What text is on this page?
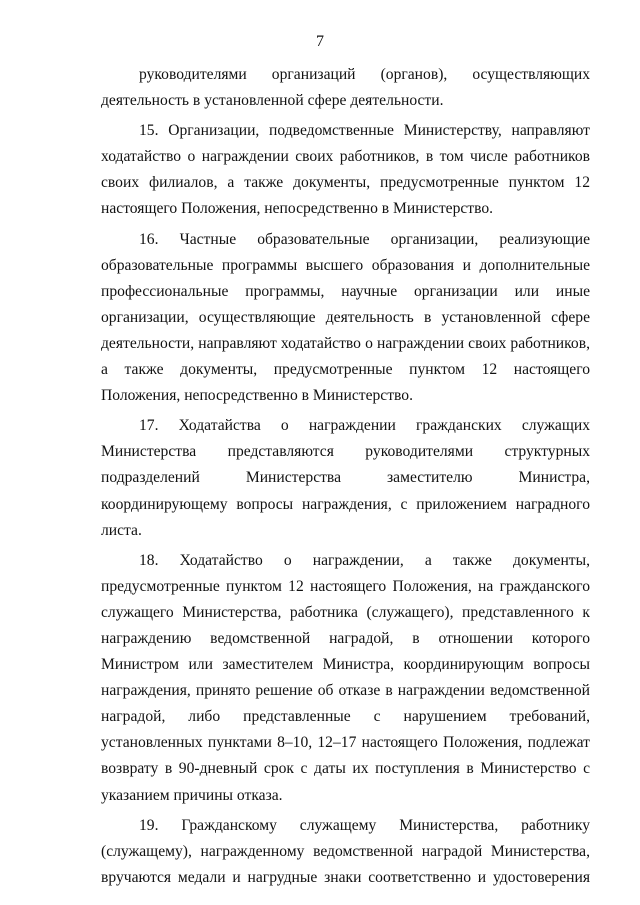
7

руководителями организаций (органов), осуществляющих деятельность в установленной сфере деятельности.

15. Организации, подведомственные Министерству, направляют ходатайство о награждении своих работников, в том числе работников своих филиалов, а также документы, предусмотренные пунктом 12 настоящего Положения, непосредственно в Министерство.

16. Частные образовательные организации, реализующие образовательные программы высшего образования и дополнительные профессиональные программы, научные организации или иные организации, осуществляющие деятельность в установленной сфере деятельности, направляют ходатайство о награждении своих работников, а также документы, предусмотренные пунктом 12 настоящего Положения, непосредственно в Министерство.

17. Ходатайства о награждении гражданских служащих Министерства представляются руководителями структурных подразделений Министерства заместителю Министра, координирующему вопросы награждения, с приложением наградного листа.

18. Ходатайство о награждении, а также документы, предусмотренные пунктом 12 настоящего Положения, на гражданского служащего Министерства, работника (служащего), представленного к награждению ведомственной наградой, в отношении которого Министром или заместителем Министра, координирующим вопросы награждения, принято решение об отказе в награждении ведомственной наградой, либо представленные с нарушением требований, установленных пунктами 8–10, 12–17 настоящего Положения, подлежат возврату в 90-дневный срок с даты их поступления в Министерство с указанием причины отказа.

19. Гражданскому служащему Министерства, работнику (служащему), награжденному ведомственной наградой Министерства, вручаются медали и нагрудные знаки соответственно и удостоверения
